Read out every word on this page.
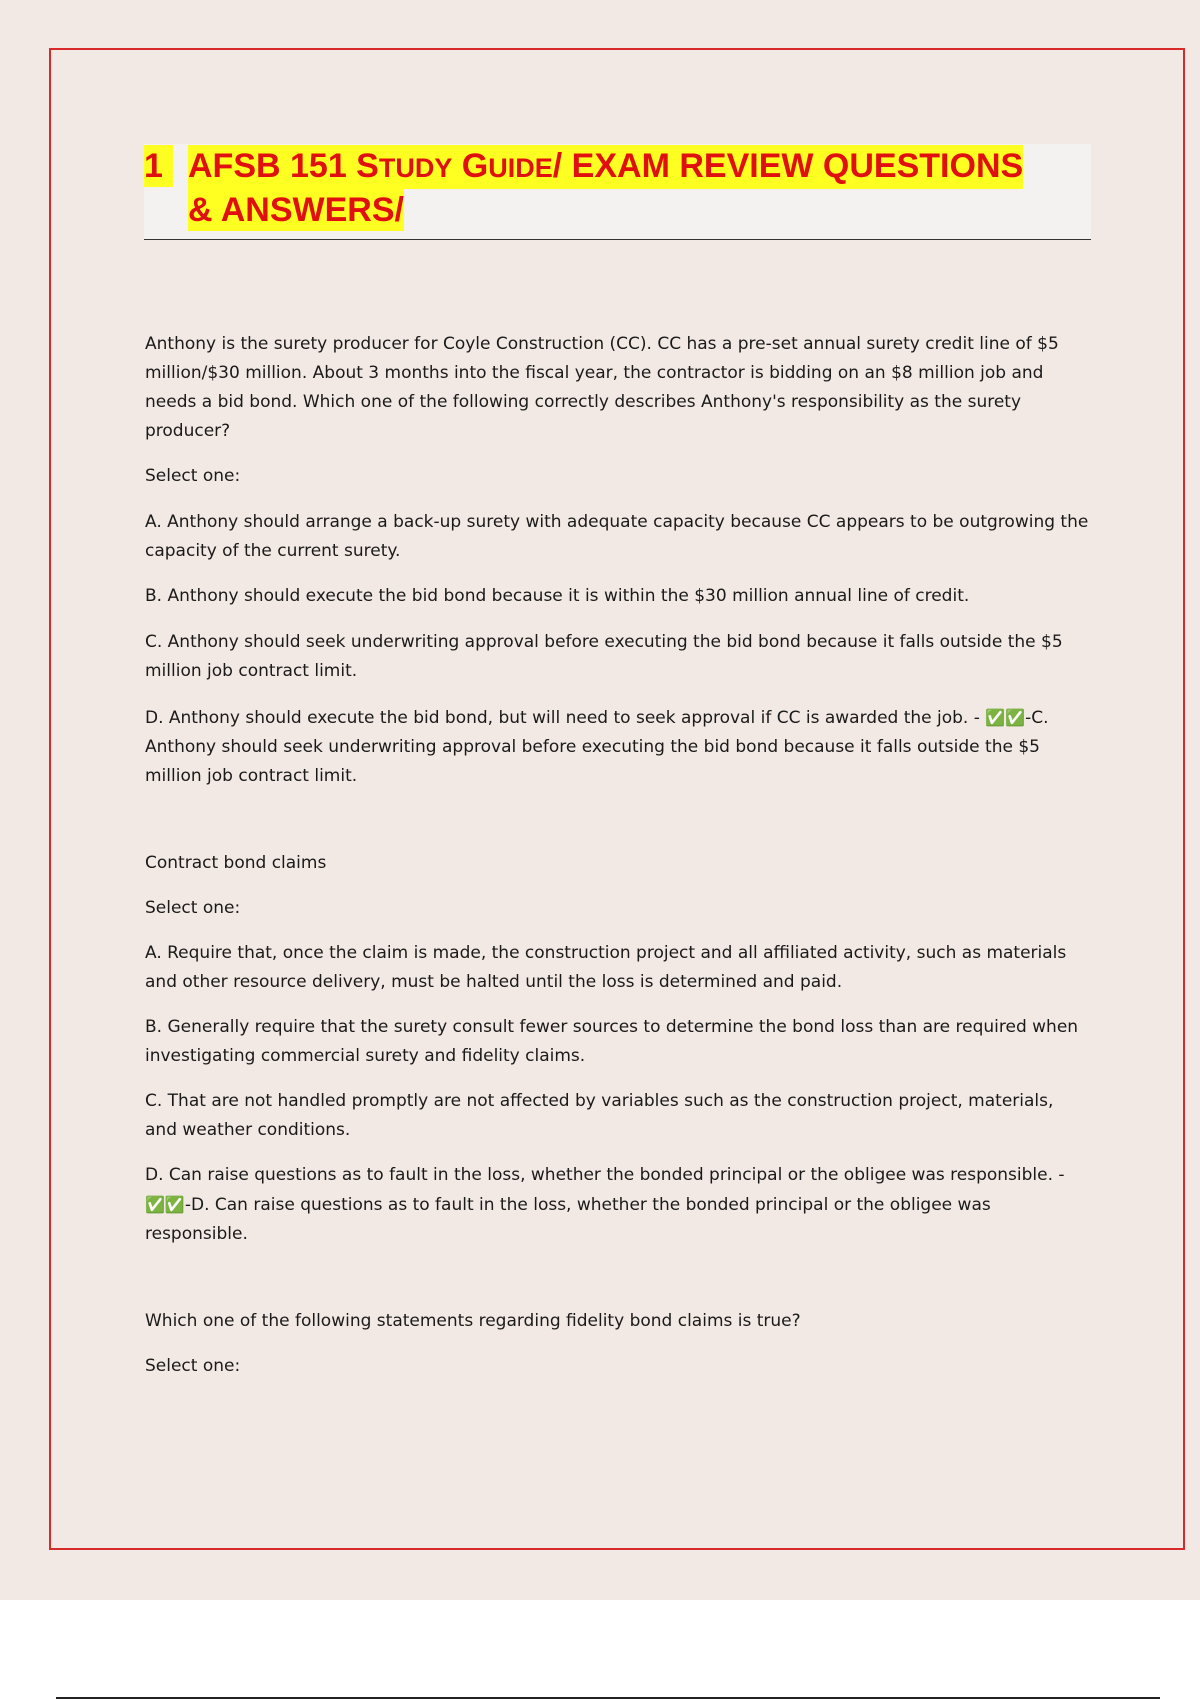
1 AFSB 151 STUDY GUIDE/ EXAM REVIEW QUESTIONS
& ANSWERS/

Anthony is the surety producer for Coyle Construction (CC). CC has a pre-set annual surety credit line of $5 million/$30 million. About 3 months into the fiscal year, the contractor is bidding on an $8 million job and needs a bid bond. Which one of the following correctly describes Anthony's responsibility as the surety producer?

Select one:

A. Anthony should arrange a back-up surety with adequate capacity because CC appears to be outgrowing the capacity of the current surety.

B. Anthony should execute the bid bond because it is within the $30 million annual line of credit.

C. Anthony should seek underwriting approval before executing the bid bond because it falls outside the $5 million job contract limit.

D. Anthony should execute the bid bond, but will need to seek approval if CC is awarded the job. - ✅✅-C. Anthony should seek underwriting approval before executing the bid bond because it falls outside the $5 million job contract limit.

Contract bond claims

Select one:

A. Require that, once the claim is made, the construction project and all affiliated activity, such as materials and other resource delivery, must be halted until the loss is determined and paid.

B. Generally require that the surety consult fewer sources to determine the bond loss than are required when investigating commercial surety and fidelity claims.

C. That are not handled promptly are not affected by variables such as the construction project, materials, and weather conditions.

D. Can raise questions as to fault in the loss, whether the bonded principal or the obligee was responsible. - ✅✅-D. Can raise questions as to fault in the loss, whether the bonded principal or the obligee was responsible.

Which one of the following statements regarding fidelity bond claims is true?

Select one:
